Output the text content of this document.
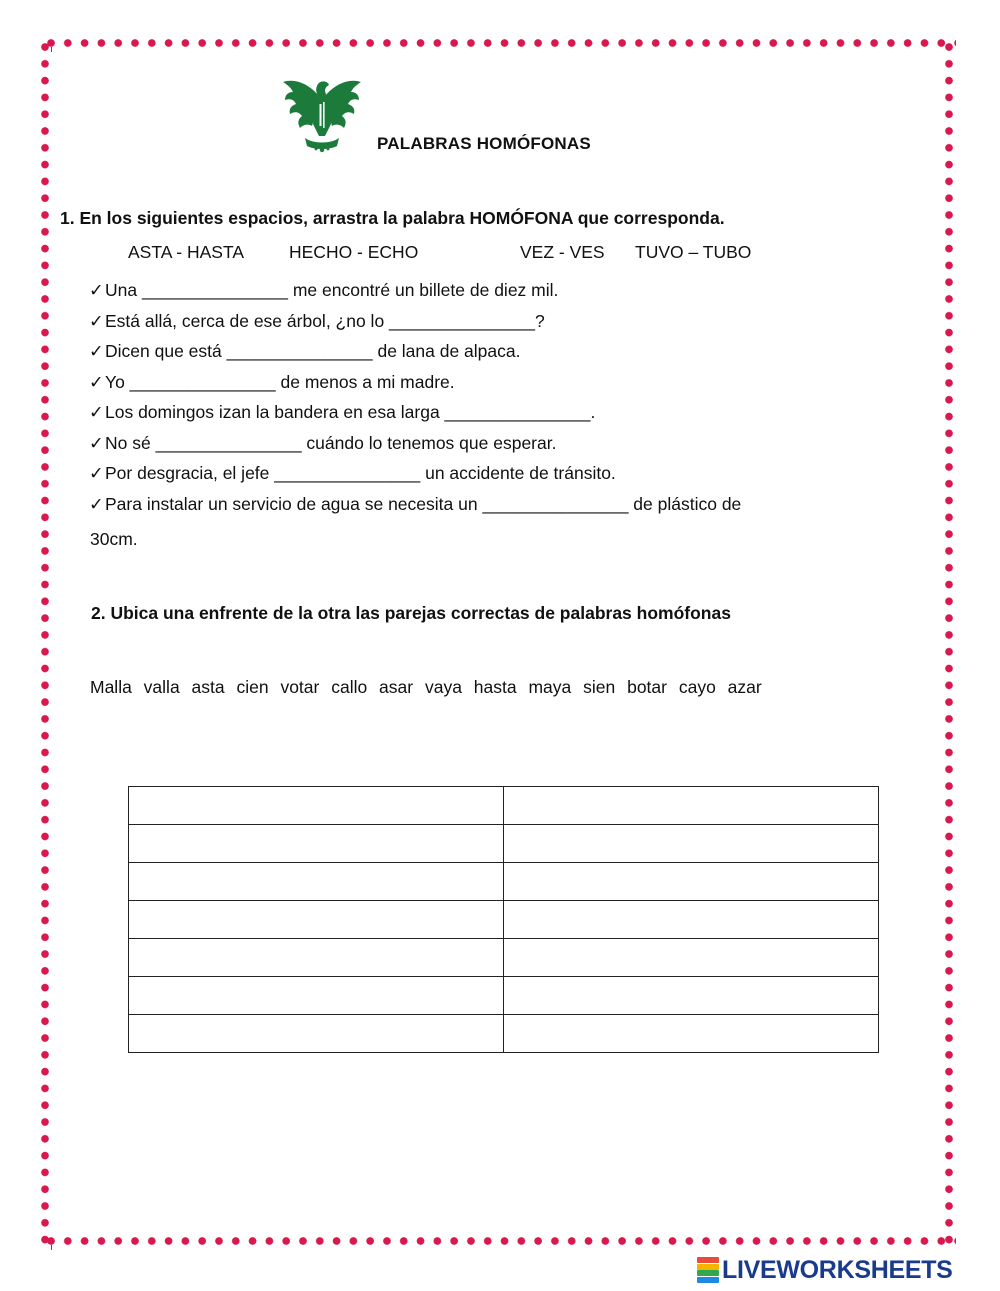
PALABRAS HOMÓFONAS
1. En los siguientes espacios, arrastra la palabra HOMÓFONA que corresponda.
ASTA - HASTA	HECHO - ECHO	VEZ - VES TUVO – TUBO
✓Una _______________ me encontré un billete de diez mil.
✓Está allá, cerca de ese árbol, ¿no lo _______________?
✓Dicen que está _______________ de lana de alpaca.
✓Yo _______________ de menos a mi madre.
✓Los domingos izan la bandera en esa larga _______________.
✓No sé _______________ cuándo lo tenemos que esperar.
✓Por desgracia, el jefe _______________ un accidente de tránsito.
✓Para instalar un servicio de agua se necesita un _______________ de plástico de
30cm.
2. Ubica una enfrente de la otra las parejas correctas de palabras homófonas
Malla valla asta cien votar callo asar vaya hasta maya sien botar cayo azar

LIVEWORKSHEETS
